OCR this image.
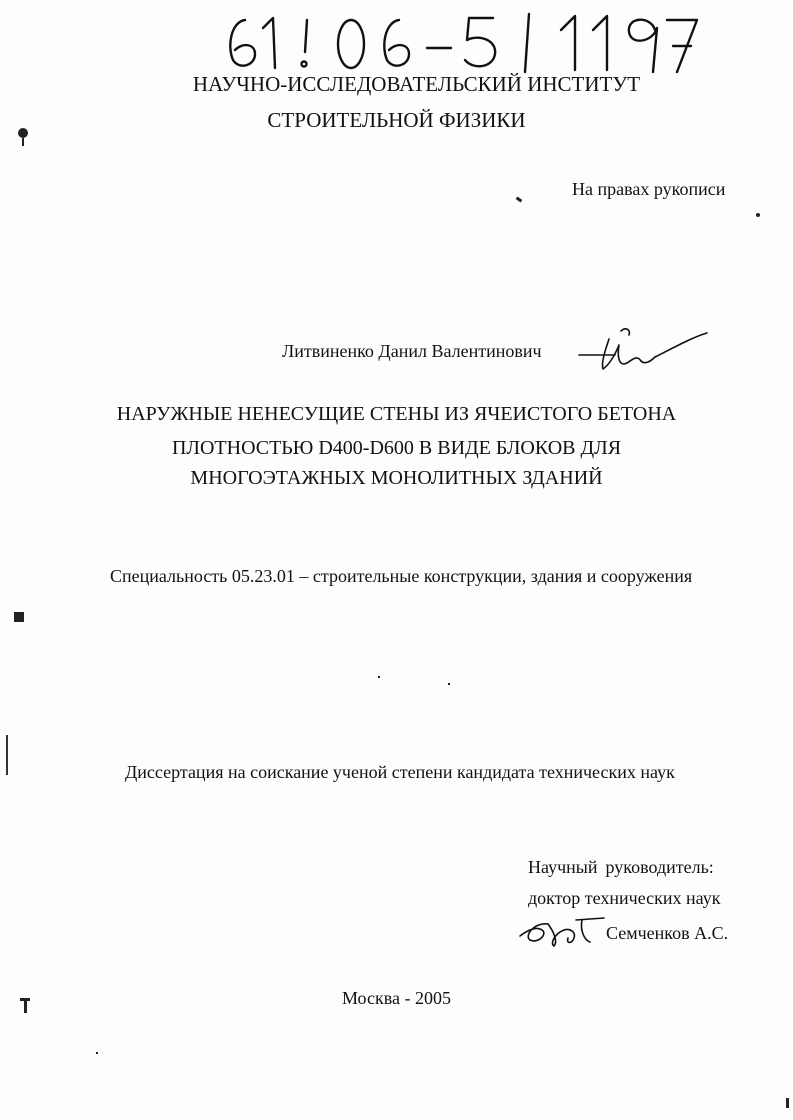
НАУЧНО-ИССЛЕДОВАТЕЛЬСКИЙ ИНСТИТУТ
СТРОИТЕЛЬНОЙ ФИЗИКИ
На правах рукописи
Литвиненко Данил Валентинович
НАРУЖНЫЕ НЕНЕСУЩИЕ СТЕНЫ ИЗ ЯЧЕИСТОГО БЕТОНА
ПЛОТНОСТЬЮ D400-D600 В ВИДЕ БЛОКОВ ДЛЯ
МНОГОЭТАЖНЫХ МОНОЛИТНЫХ ЗДАНИЙ
Специальность 05.23.01 – строительные конструкции, здания и сооружения
Диссертация на соискание ученой степени кандидата технических наук
Научный руководитель:
доктор технических наук
Семченков А.С.
Москва - 2005
